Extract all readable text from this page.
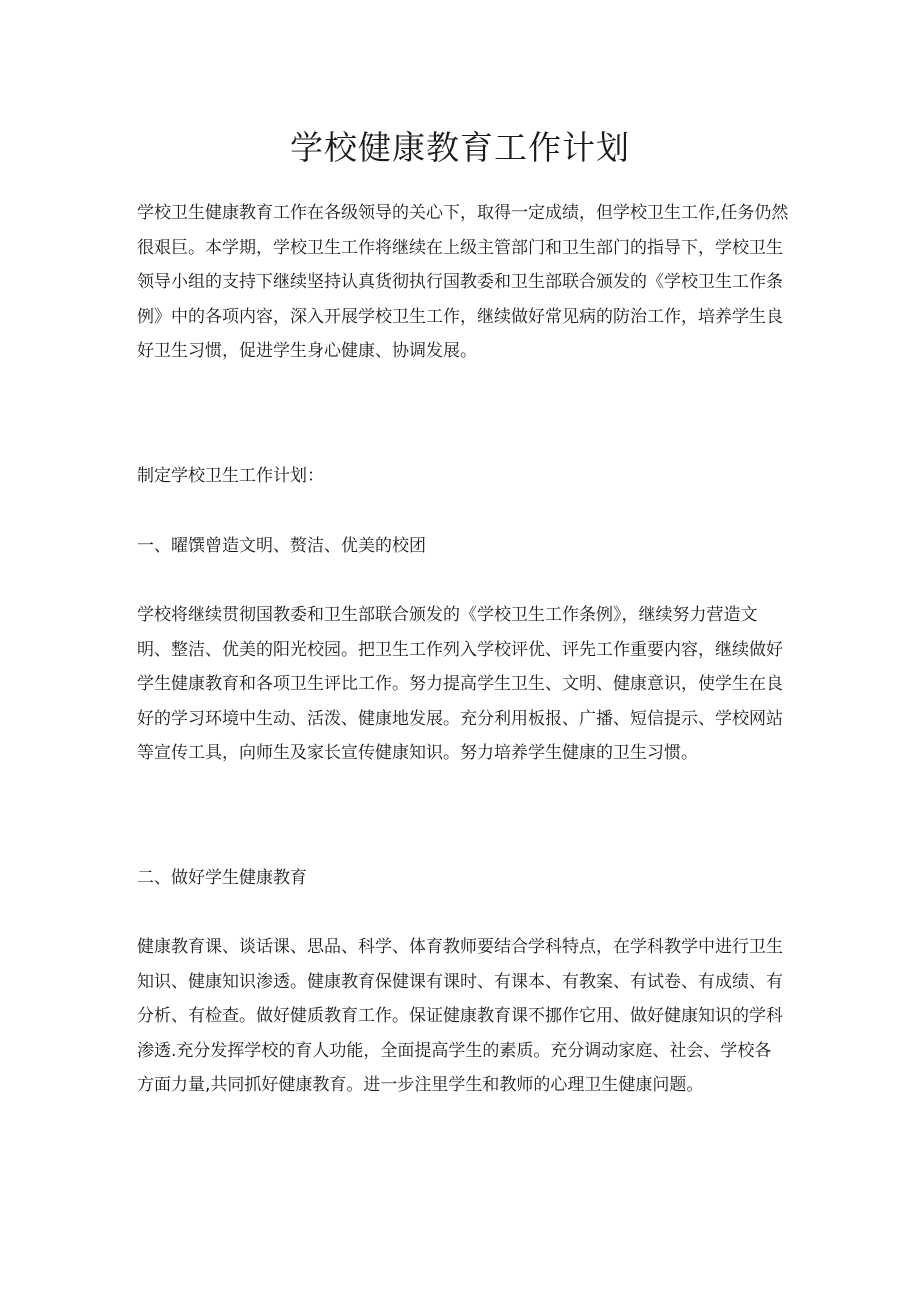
学校健康教育工作计划

学校卫生健康教育工作在各级领导的关心下，取得一定成绩，但学校卫生工作,任务仍然
很艰巨。本学期，学校卫生工作将继续在上级主管部门和卫生部门的指导下，学校卫生
领导小组的支持下继续坚持认真货彻执行国教委和卫生部联合颁发的《学校卫生工作条
例》中的各项内容，深入开展学校卫生工作，继续做好常见病的防治工作，培养学生良
好卫生习惯，促进学生身心健康、协调发展。

制定学校卫生工作计划：

一、曜馔曾造文明、赘洁、优美的校团

学校将继续贯彻国教委和卫生部联合颁发的《学校卫生工作条例》，继续努力营造文
明、整洁、优美的阳光校园。把卫生工作列入学校评优、评先工作重要内容，继续做好
学生健康教育和各项卫生评比工作。努力提高学生卫生、文明、健康意识，使学生在良
好的学习环境中生动、活泼、健康地发展。充分利用板报、广播、短信提示、学校网站
等宣传工具，向师生及家长宣传健康知识。努力培养学生健康的卫生习惯。

二、做好学生健康教育

健康教育课、谈话课、思品、科学、体育教师要结合学科特点，在学科教学中进行卫生
知识、健康知识渗透。健康教育保健课有课时、有课本、有教案、有试卷、有成绩、有
分析、有检查。做好健质教育工作。保证健康教育课不挪作它用、做好健康知识的学科
渗透.充分发挥学校的育人功能，全面提高学生的素质。充分调动家庭、社会、学校各
方面力量,共同抓好健康教育。进一步注里学生和教师的心理卫生健康问题。
